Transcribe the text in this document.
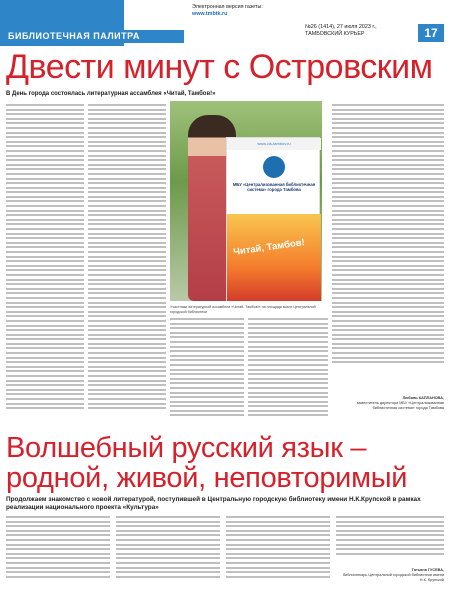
БИБЛИОТЕЧНАЯ ПАЛИТРА
Электронная версия газеты:
www.tmbtk.ru
№26 (1414), 27 июля 2023 г.,
ТАМБОВСКИЙ КУРЬЕР	17
Двести минут с Островским
В День города состоялась литературная ассамблея «Читай, Тамбов!»
www.cls-tambov.ru
МБУ «Централизованная библиотечная система» города Тамбова
Читай, Тамбов!
Участники литературной ассамблеи «Читай, Тамбов!» на площади возле Центральной городской библиотеки
Любовь КАПЛАНОВА,
заместитель директора МБУ «Централизованная библиотечная система» города Тамбова
Волшебный русский язык –
родной, живой, неповторимый
Продолжаем знакомство с новой литературой, поступившей в Центральную городскую библиотеку имени Н.К.Крупской в рамках реализации национального проекта «Культура»
Татьяна ГУСЕВА,
библиотекарь Центральной городской библиотеки имени Н.К. Крупской
